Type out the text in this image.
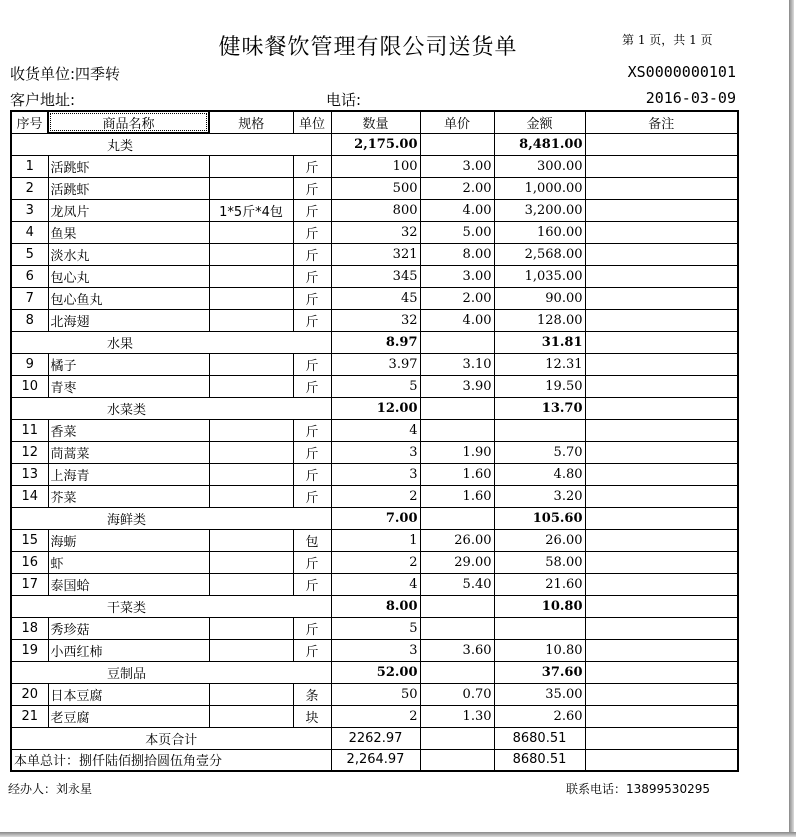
健味餐饮管理有限公司送货单	第 1 页，共 1 页
收货单位:四季转	XS0000000101
客户地址:	电话:	2016-03-09
序号	商品名称	规格	单位	数量	单价	金额	备注
丸类				2,175.00		8,481.00	
1	活跳虾		斤	100	3.00	300.00	
2	活跳虾		斤	500	2.00	1,000.00	
3	龙凤片	1*5斤*4包	斤	800	4.00	3,200.00	
4	鱼果		斤	32	5.00	160.00	
5	淡水丸		斤	321	8.00	2,568.00	
6	包心丸		斤	345	3.00	1,035.00	
7	包心鱼丸		斤	45	2.00	90.00	
8	北海翅		斤	32	4.00	128.00	
水果				8.97		31.81	
9	橘子		斤	3.97	3.10	12.31	
10	青枣		斤	5	3.90	19.50	
水菜类				12.00		13.70	
11	香菜		斤	4			
12	茼蒿菜		斤	3	1.90	5.70	
13	上海青		斤	3	1.60	4.80	
14	芥菜		斤	2	1.60	3.20	
海鲜类				7.00		105.60	
15	海蛎		包	1	26.00	26.00	
16	虾		斤	2	29.00	58.00	
17	泰国蛤		斤	4	5.40	21.60	
干菜类				8.00		10.80	
18	秀珍菇		斤	5			
19	小西红柿		斤	3	3.60	10.80	
豆制品				52.00		37.60	
20	日本豆腐		条	50	0.70	35.00	
21	老豆腐		块	2	1.30	2.60	
本页合计				2262.97		8680.51	
本单总计：捌仟陆佰捌拾圆伍角壹分				2,264.97		8680.51	
经办人：刘永星	联系电话：13899530295
